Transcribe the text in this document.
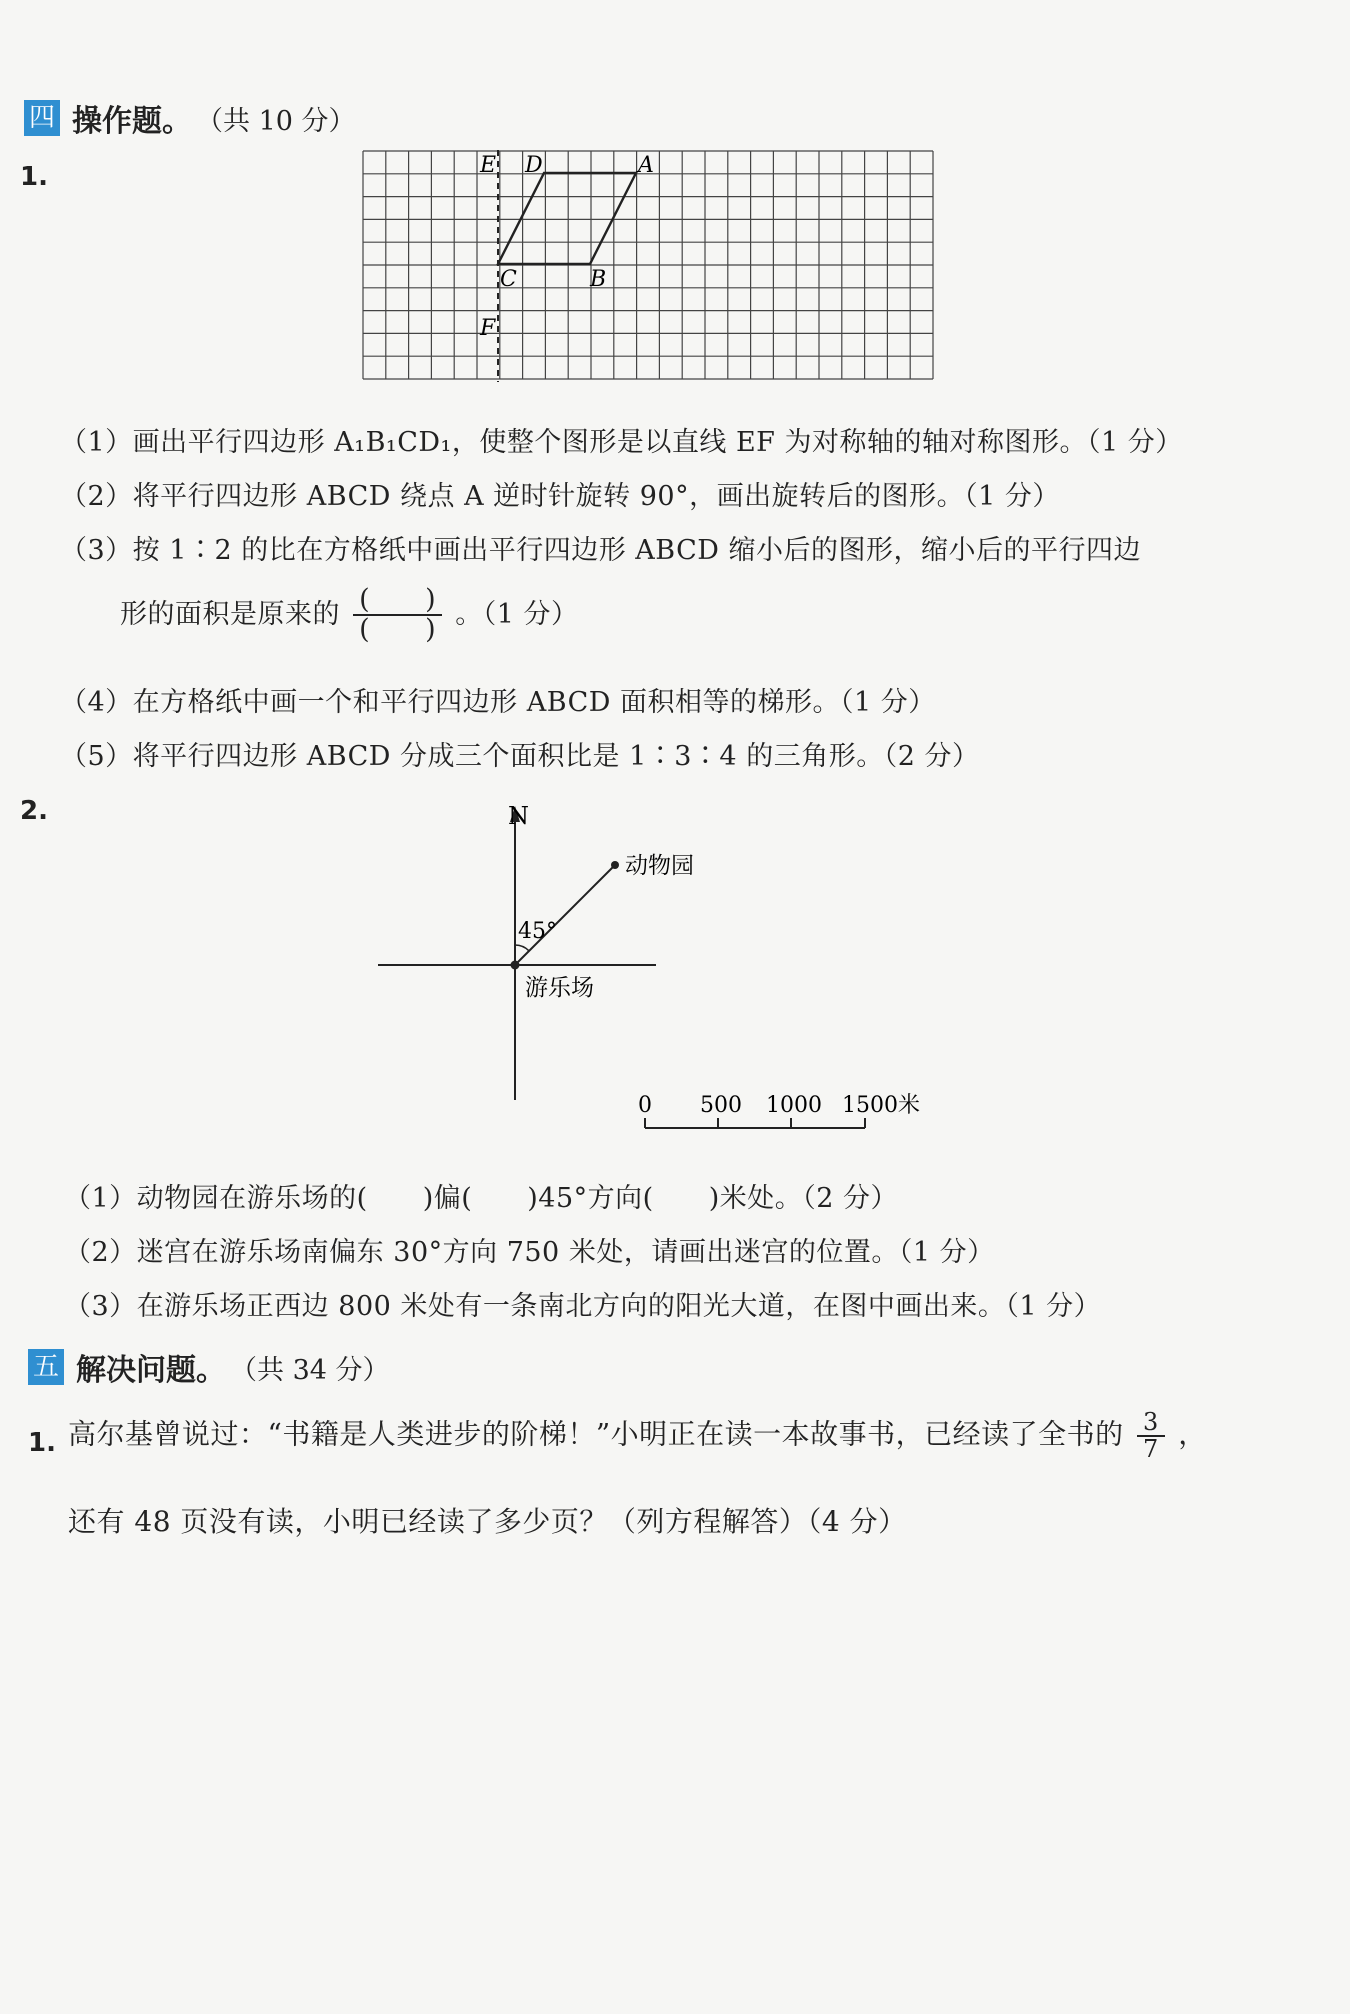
四 操作题。 （共 10 分）
1.	E D	A
C	B
F
（1）画出平行四边形 A₁B₁CD₁，使整个图形是以直线 EF 为对称轴的轴对称图形。（1 分）
（2）将平行四边形 ABCD 绕点 A 逆时针旋转 90°，画出旋转后的图形。（1 分）
（3）按 1∶2 的比在方格纸中画出平行四边形 ABCD 缩小后的图形，缩小后的平行四边
形的面积是原来的 $\frac{( )}{( )}$ 。（1 分）
（4）在方格纸中画一个和平行四边形 ABCD 面积相等的梯形。（1 分）
（5）将平行四边形 ABCD 分成三个面积比是 1∶3∶4 的三角形。（2 分）
2.	N
45°
动物园
游乐场
0 500 1000 1500米
（1）动物园在游乐场的(　　)偏(　　)45°方向(　　)米处。（2 分）
（2）迷宫在游乐场南偏东 30°方向 750 米处，请画出迷宫的位置。（1 分）
（3）在游乐场正西边 800 米处有一条南北方向的阳光大道，在图中画出来。（1 分）
五 解决问题。 （共 34 分）
1. 高尔基曾说过：“书籍是人类进步的阶梯！”小明正在读一本故事书，已经读了全书的 $\frac{3}{7}$ ，
还有 48 页没有读，小明已经读了多少页？（列方程解答）（4 分）
